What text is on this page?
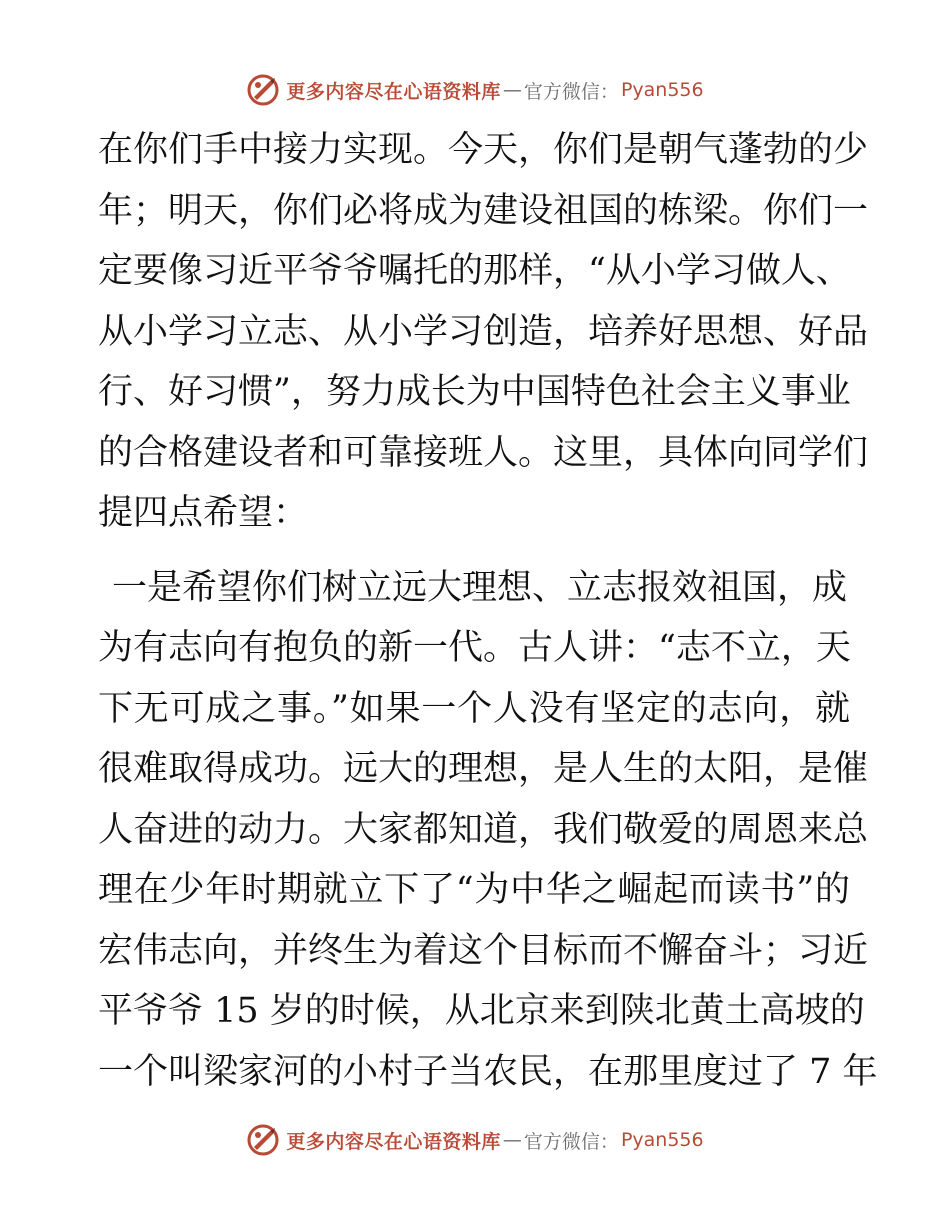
更多内容尽在心语资料库 — 官方微信： Pyan556
在你们手中接力实现。今天，你们是朝气蓬勃的少
年；明天，你们必将成为建设祖国的栋梁。你们一
定要像习近平爷爷嘱托的那样，“从小学习做人、
从小学习立志、从小学习创造，培养好思想、好品
行、好习惯”，努力成长为中国特色社会主义事业
的合格建设者和可靠接班人。这里，具体向同学们
提四点希望：
一是希望你们树立远大理想、立志报效祖国，成
为有志向有抱负的新一代。古人讲：“志不立，天
下无可成之事。”如果一个人没有坚定的志向，就
很难取得成功。远大的理想，是人生的太阳，是催
人奋进的动力。大家都知道，我们敬爱的周恩来总
理在少年时期就立下了“为中华之崛起而读书”的
宏伟志向，并终生为着这个目标而不懈奋斗；习近
平爷爷 15 岁的时候，从北京来到陕北黄土高坡的
一个叫梁家河的小村子当农民，在那里度过了 7 年
更多内容尽在心语资料库 — 官方微信： Pyan556
